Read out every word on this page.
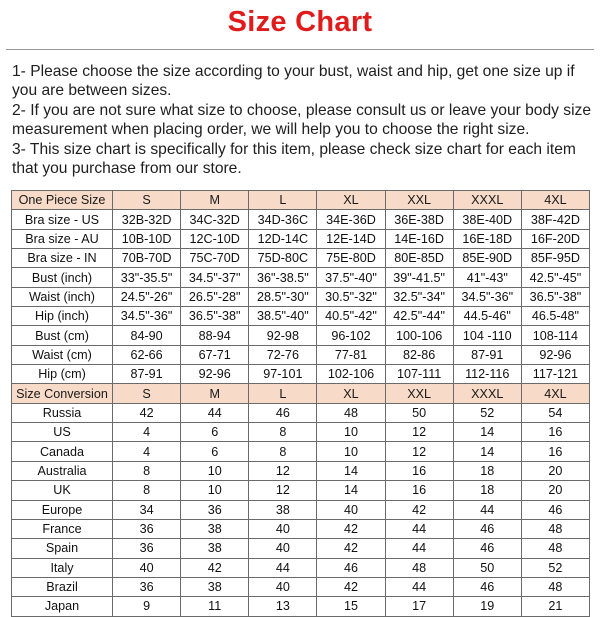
Size Chart

1- Please choose the size according to your bust, waist and hip, get one size up if you are between sizes.

2- If you are not sure what size to choose, please consult us or leave your body size measurement when placing order, we will help you to choose the right size.

3- This size chart is specifically for this item, please check size chart for each item that you purchase from our store.

One Piece Size	S	M	L	XL	XXL	XXXL	4XL
Bra size - US	32B-32D	34C-32D	34D-36C	34E-36D	36E-38D	38E-40D	38F-42D
Bra size - AU	10B-10D	12C-10D	12D-14C	12E-14D	14E-16D	16E-18D	16F-20D
Bra size - IN	70B-70D	75C-70D	75D-80C	75E-80D	80E-85D	85E-90D	85F-95D
Bust (inch)	33"-35.5"	34.5"-37"	36"-38.5"	37.5"-40"	39"-41.5"	41"-43"	42.5"-45"
Waist (inch)	24.5"-26"	26.5"-28"	28.5"-30"	30.5"-32"	32.5"-34"	34.5"-36"	36.5"-38"
Hip (inch)	34.5"-36"	36.5"-38"	38.5"-40"	40.5"-42"	42.5"-44"	44.5-46"	46.5-48"
Bust (cm)	84-90	88-94	92-98	96-102	100-106	104 -110	108-114
Waist (cm)	62-66	67-71	72-76	77-81	82-86	87-91	92-96
Hip (cm)	87-91	92-96	97-101	102-106	107-111	112-116	117-121
Size Conversion	S	M	L	XL	XXL	XXXL	4XL
Russia	42	44	46	48	50	52	54
US	4	6	8	10	12	14	16
Canada	4	6	8	10	12	14	16
Australia	8	10	12	14	16	18	20
UK	8	10	12	14	16	18	20
Europe	34	36	38	40	42	44	46
France	36	38	40	42	44	46	48
Spain	36	38	40	42	44	46	48
Italy	40	42	44	46	48	50	52
Brazil	36	38	40	42	44	46	48
Japan	9	11	13	15	17	19	21
